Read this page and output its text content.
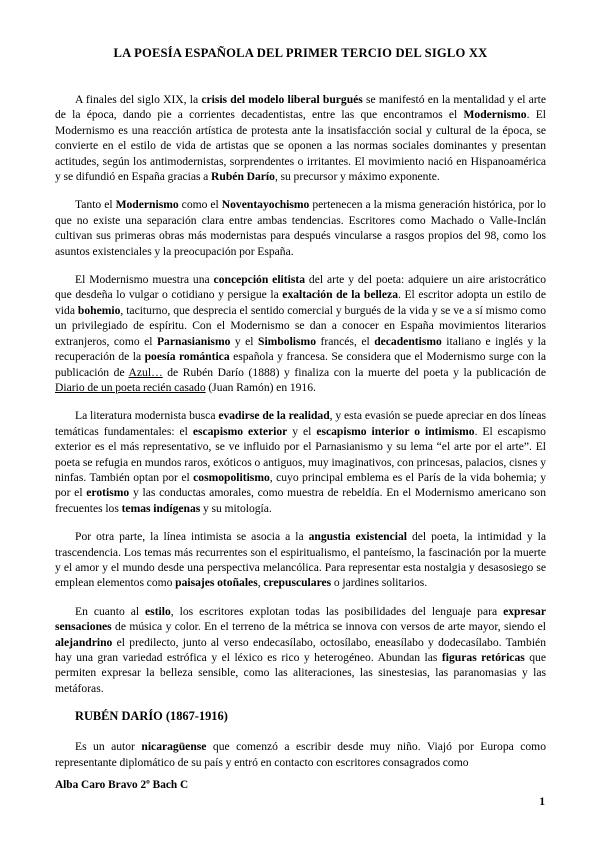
LA POESÍA ESPAÑOLA DEL PRIMER TERCIO DEL SIGLO XX

A finales del siglo XIX, la crisis del modelo liberal burgués se manifestó en la mentalidad y el arte de la época, dando pie a corrientes decadentistas, entre las que encontramos el Modernismo. El Modernismo es una reacción artística de protesta ante la insatisfacción social y cultural de la época, se convierte en el estilo de vida de artistas que se oponen a las normas sociales dominantes y presentan actitudes, según los antimodernistas, sorprendentes o irritantes. El movimiento nació en Hispanoamérica y se difundió en España gracias a Rubén Darío, su precursor y máximo exponente.

Tanto el Modernismo como el Noventayochismo pertenecen a la misma generación histórica, por lo que no existe una separación clara entre ambas tendencias. Escritores como Machado o Valle-Inclán cultivan sus primeras obras más modernistas para después vincularse a rasgos propios del 98, como los asuntos existenciales y la preocupación por España.

El Modernismo muestra una concepción elitista del arte y del poeta: adquiere un aire aristocrático que desdeña lo vulgar o cotidiano y persigue la exaltación de la belleza. El escritor adopta un estilo de vida bohemio, taciturno, que desprecia el sentido comercial y burgués de la vida y se ve a sí mismo como un privilegiado de espíritu. Con el Modernismo se dan a conocer en España movimientos literarios extranjeros, como el Parnasianismo y el Simbolismo francés, el decadentismo italiano e inglés y la recuperación de la poesía romántica española y francesa. Se considera que el Modernismo surge con la publicación de Azul… de Rubén Darío (1888) y finaliza con la muerte del poeta y la publicación de Diario de un poeta recién casado (Juan Ramón) en 1916.

La literatura modernista busca evadirse de la realidad, y esta evasión se puede apreciar en dos líneas temáticas fundamentales: el escapismo exterior y el escapismo interior o intimismo. El escapismo exterior es el más representativo, se ve influido por el Parnasianismo y su lema “el arte por el arte”. El poeta se refugia en mundos raros, exóticos o antiguos, muy imaginativos, con princesas, palacios, cisnes y ninfas. También optan por el cosmopolitismo, cuyo principal emblema es el París de la vida bohemia; y por el erotismo y las conductas amorales, como muestra de rebeldía. En el Modernismo americano son frecuentes los temas indígenas y su mitología.

Por otra parte, la línea intimista se asocia a la angustia existencial del poeta, la intimidad y la trascendencia. Los temas más recurrentes son el espiritualismo, el panteísmo, la fascinación por la muerte y el amor y el mundo desde una perspectiva melancólica. Para representar esta nostalgia y desasosiego se emplean elementos como paisajes otoñales, crepusculares o jardines solitarios.

En cuanto al estilo, los escritores explotan todas las posibilidades del lenguaje para expresar sensaciones de música y color. En el terreno de la métrica se innova con versos de arte mayor, siendo el alejandrino el predilecto, junto al verso endecasílabo, octosílabo, eneasílabo y dodecasílabo. También hay una gran variedad estrófica y el léxico es rico y heterogéneo. Abundan las figuras retóricas que permiten expresar la belleza sensible, como las aliteraciones, las sinestesias, las paranomasias y las metáforas.

RUBÉN DARÍO (1867-1916)

Es un autor nicaragüense que comenzó a escribir desde muy niño. Viajó por Europa como representante diplomático de su país y entró en contacto con escritores consagrados como

Alba Caro Bravo 2º Bach C
1
